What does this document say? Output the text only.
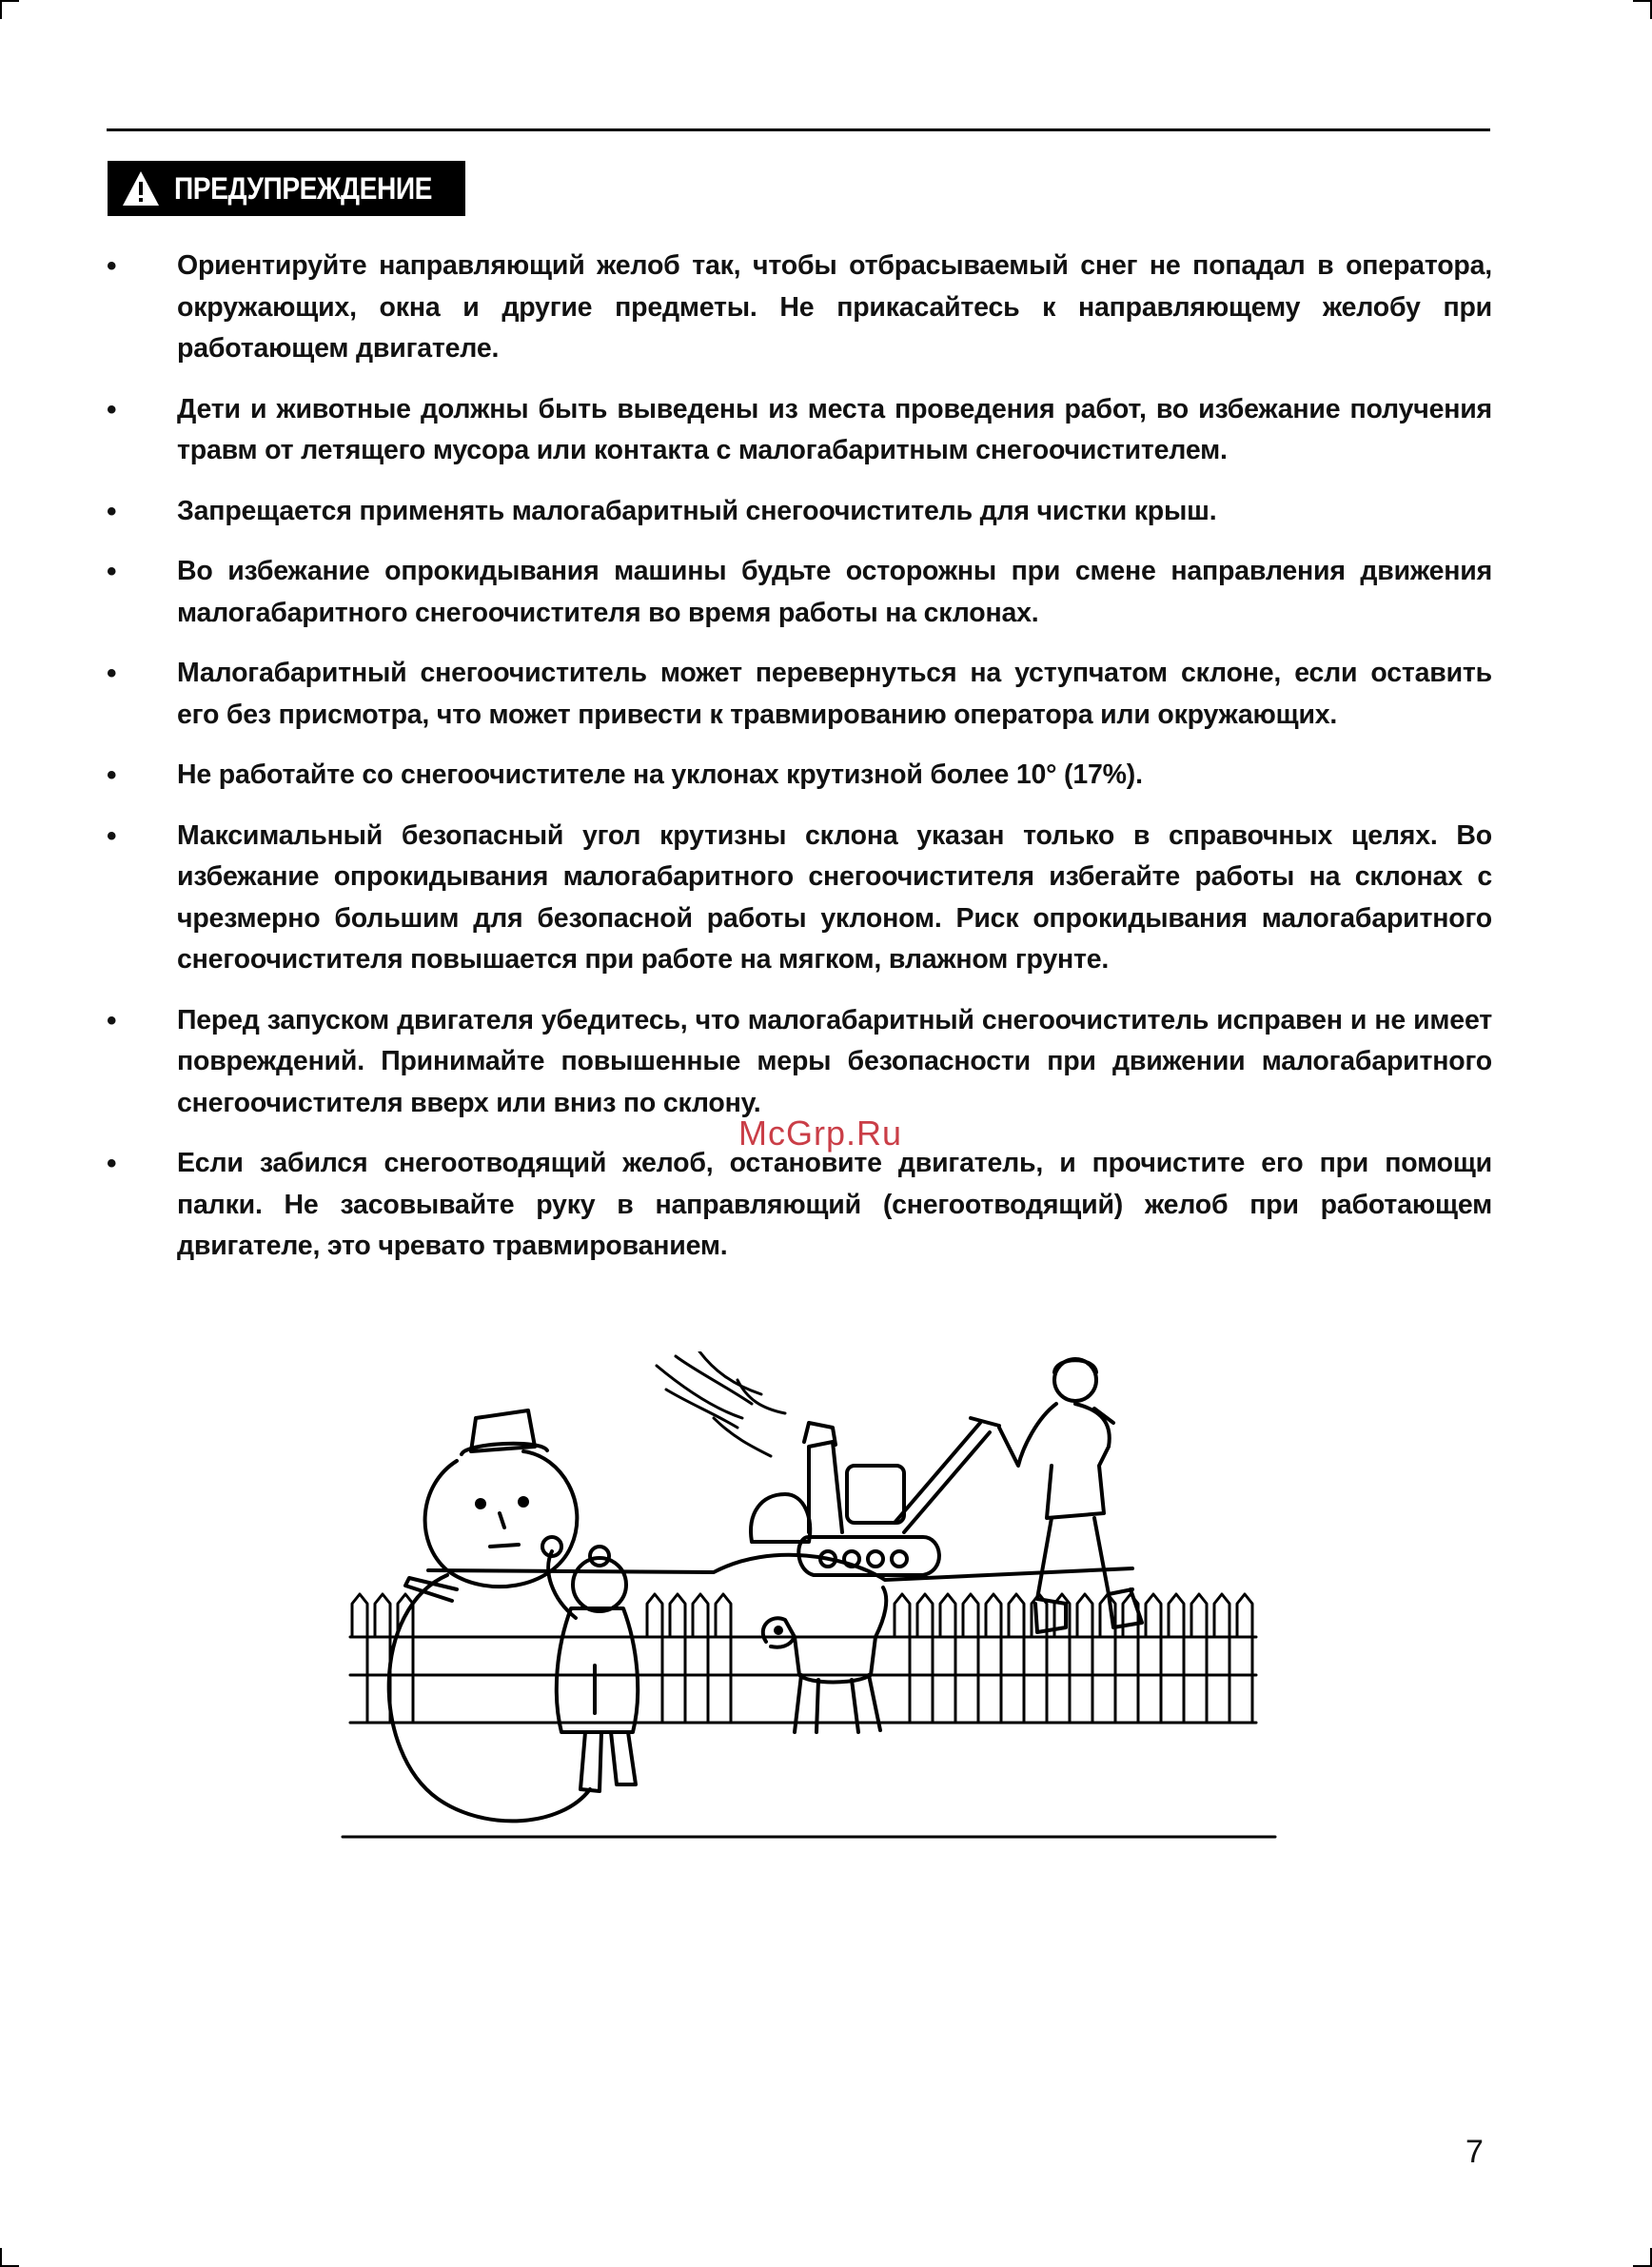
ПРЕДУПРЕЖДЕНИЕ
• Ориентируйте направляющий желоб так, чтобы отбрасываемый снег не попадал в оператора, окружающих, окна и другие предметы. Не прикасайтесь к направляющему желобу при работающем двигателе.
• Дети и животные должны быть выведены из места проведения работ, во избежание получения травм от летящего мусора или контакта с малогабаритным снегоочистителем.
• Запрещается применять малогабаритный снегоочиститель для чистки крыш.
• Во избежание опрокидывания машины будьте осторожны при смене направления движения малогабаритного снегоочистителя во время работы на склонах.
• Малогабаритный снегоочиститель может перевернуться на уступчатом склоне, если оставить его без присмотра, что может привести к травмированию оператора или окружающих.
• Не работайте со снегоочистителе на уклонах крутизной более 10° (17%).
• Максимальный безопасный угол крутизны склона указан только в справочных целях. Во избежание опрокидывания малогабаритного снегоочистителя избегайте работы на склонах с чрезмерно большим для безопасной работы уклоном. Риск опрокидывания малогабаритного снегоочистителя повышается при работе на мягком, влажном грунте.
• Перед запуском двигателя убедитесь, что малогабаритный снегоочиститель исправен и не имеет повреждений. Принимайте повышенные меры безопасности при движении малогабаритного снегоочистителя вверх или вниз по склону.
• Если забился снегоотводящий желоб, остановите двигатель, и прочистите его при помощи палки. Не засовывайте руку в направляющий (снегоотводящий) желоб при работающем двигателе, это чревато травмированием.
McGrp.Ru
7
